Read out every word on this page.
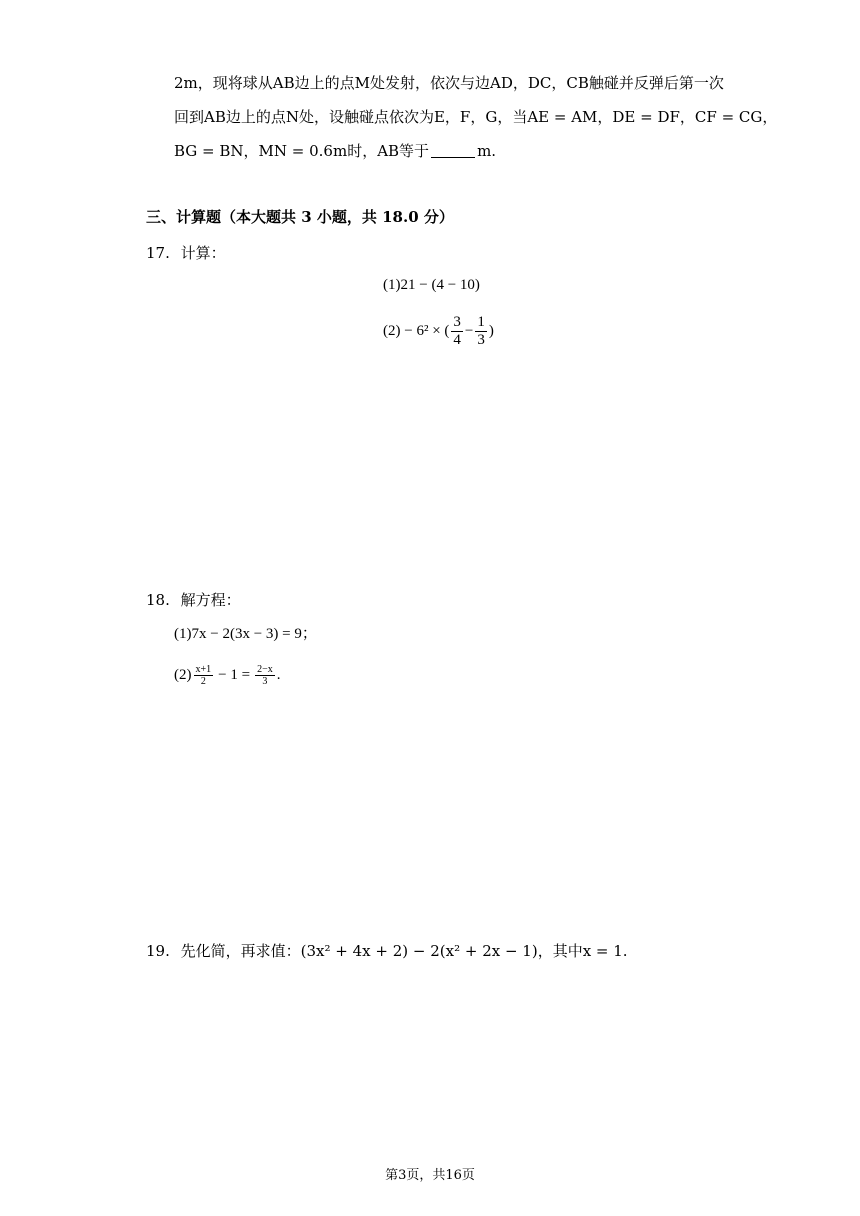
2m，现将球从AB边上的点M处发射，依次与边AD，DC，CB触碰并反弹后第一次
回到AB边上的点N处，设触碰点依次为E，F，G，当AE = AM，DE = DF，CF = CG，
BG = BN，MN = 0.6m时，AB等于	m.
三、计算题（本大题共 3 小题，共 18.0 分）
17. 计算：
(1)21 − (4 − 10)
(2) − 6² × ( $\frac{3}{4} - \frac{1}{3}$ )
18. 解方程：
(1)7x − 2(3x − 3) = 9；
$(2) \frac{x+1}{2} - 1 = \frac{2-x}{3}$ .
19. 先化简，再求值：(3x² + 4x + 2) − 2(x² + 2x − 1)，其中x = 1.
第3页，共16页
